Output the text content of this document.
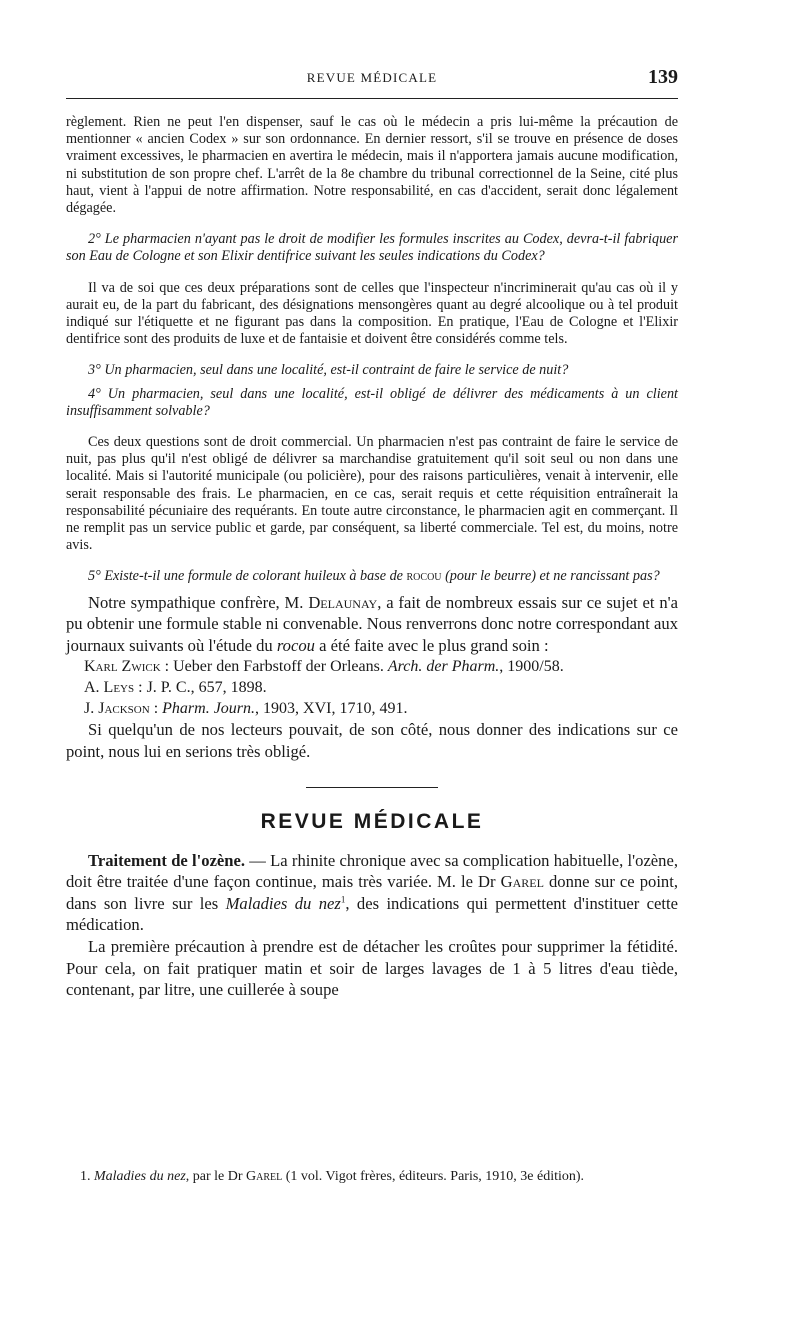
REVUE MÉDICALE	139

règlement. Rien ne peut l'en dispenser, sauf le cas où le médecin a pris lui-même la précaution de mentionner « ancien Codex » sur son ordonnance. En dernier ressort, s'il se trouve en présence de doses vraiment excessives, le pharmacien en avertira le médecin, mais il n'apportera jamais aucune modification, ni substitution de son propre chef. L'arrêt de la 8e chambre du tribunal correctionnel de la Seine, cité plus haut, vient à l'appui de notre affirmation. Notre responsabilité, en cas d'accident, serait donc légalement dégagée.

2° Le pharmacien n'ayant pas le droit de modifier les formules inscrites au Codex, devra-t-il fabriquer son Eau de Cologne et son Elixir dentifrice suivant les seules indications du Codex?

Il va de soi que ces deux préparations sont de celles que l'inspecteur n'incriminerait qu'au cas où il y aurait eu, de la part du fabricant, des désignations mensongères quant au degré alcoolique ou à tel produit indiqué sur l'étiquette et ne figurant pas dans la composition. En pratique, l'Eau de Cologne et l'Elixir dentifrice sont des produits de luxe et de fantaisie et doivent être considérés comme tels.

3° Un pharmacien, seul dans une localité, est-il contraint de faire le service de nuit?

4° Un pharmacien, seul dans une localité, est-il obligé de délivrer des médicaments à un client insuffisamment solvable?

Ces deux questions sont de droit commercial. Un pharmacien n'est pas contraint de faire le service de nuit, pas plus qu'il n'est obligé de délivrer sa marchandise gratuitement qu'il soit seul ou non dans une localité. Mais si l'autorité municipale (ou policière), pour des raisons particulières, venait à intervenir, elle serait responsable des frais. Le pharmacien, en ce cas, serait requis et cette réquisition entraînerait la responsabilité pécuniaire des requérants. En toute autre circonstance, le pharmacien agit en commerçant. Il ne remplit pas un service public et garde, par conséquent, sa liberté commerciale. Tel est, du moins, notre avis.

5° Existe-t-il une formule de colorant huileux à base de rocou (pour le beurre) et ne rancissant pas?

Notre sympathique confrère, M. Delaunay, a fait de nombreux essais sur ce sujet et n'a pu obtenir une formule stable ni convenable. Nous renverrons donc notre correspondant aux journaux suivants où l'étude du rocou a été faite avec le plus grand soin :

Karl Zwick : Ueber den Farbstoff der Orleans. Arch. der Pharm., 1900/58.
A. Leys : J. P. C., 657, 1898.
J. Jackson : Pharm. Journ., 1903, XVI, 1710, 491.

Si quelqu'un de nos lecteurs pouvait, de son côté, nous donner des indications sur ce point, nous lui en serions très obligé.

REVUE MÉDICALE

Traitement de l'ozène. — La rhinite chronique avec sa complication habituelle, l'ozène, doit être traitée d'une façon continue, mais très variée. M. le Dr Garel donne sur ce point, dans son livre sur les Maladies du nez$^1$, des indications qui permettent d'instituer cette médication.

La première précaution à prendre est de détacher les croûtes pour supprimer la fétidité. Pour cela, on fait pratiquer matin et soir de larges lavages de 1 à 5 litres d'eau tiède, contenant, par litre, une cuillerée à soupe

1. Maladies du nez, par le Dr Garel (1 vol. Vigot frères, éditeurs. Paris, 1910, 3e édition).
